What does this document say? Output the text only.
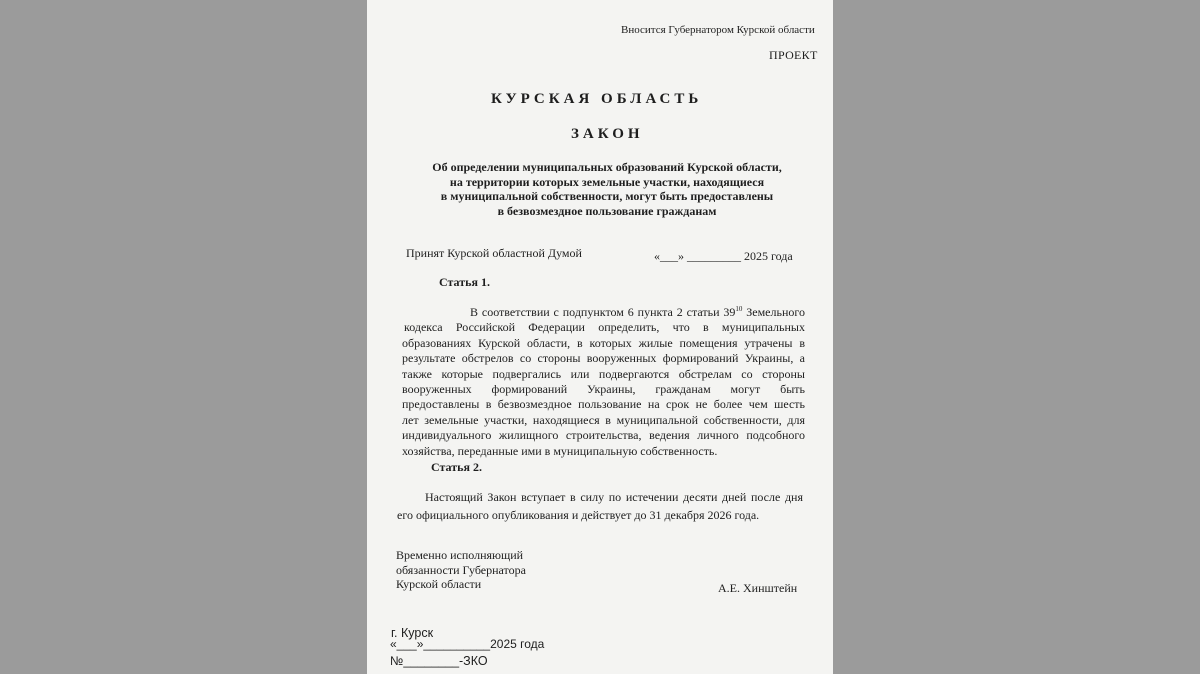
Вносится Губернатором Курской области
ПРОЕКТ
КУРСКАЯ ОБЛАСТЬ
ЗАКОН
Об определении муниципальных образований Курской области,
на территории которых земельные участки, находящиеся
в муниципальной собственности, могут быть предоставлены
в безвозмездное пользование гражданам
Принят Курской областной Думой	«___» _________ 2025 года
Статья 1.
В соответствии с подпунктом 6 пункта 2 статьи $39^{10}$ Земельного
кодекса Российской Федерации определить, что в муниципальных
образованиях Курской области, в которых жилые помещения утрачены в
результате обстрелов со стороны вооруженных формирований Украины, а
также которые подвергались или подвергаются обстрелам со стороны
вооруженных формирований Украины, гражданам могут быть
предоставлены в безвозмездное пользование на срок не более чем шесть
лет земельные участки, находящиеся в муниципальной собственности, для
индивидуального жилищного строительства, ведения личного подсобного
хозяйства, переданные ими в муниципальную собственность.
Статья 2.
Настоящий Закон вступает в силу по истечении десяти дней после дня
его официального опубликования и действует до 31 декабря 2026 года.
Временно исполняющий
обязанности Губернатора
Курской области	А.Е. Хинштейн
г. Курск
«___»__________2025 года
№________-ЗКО
